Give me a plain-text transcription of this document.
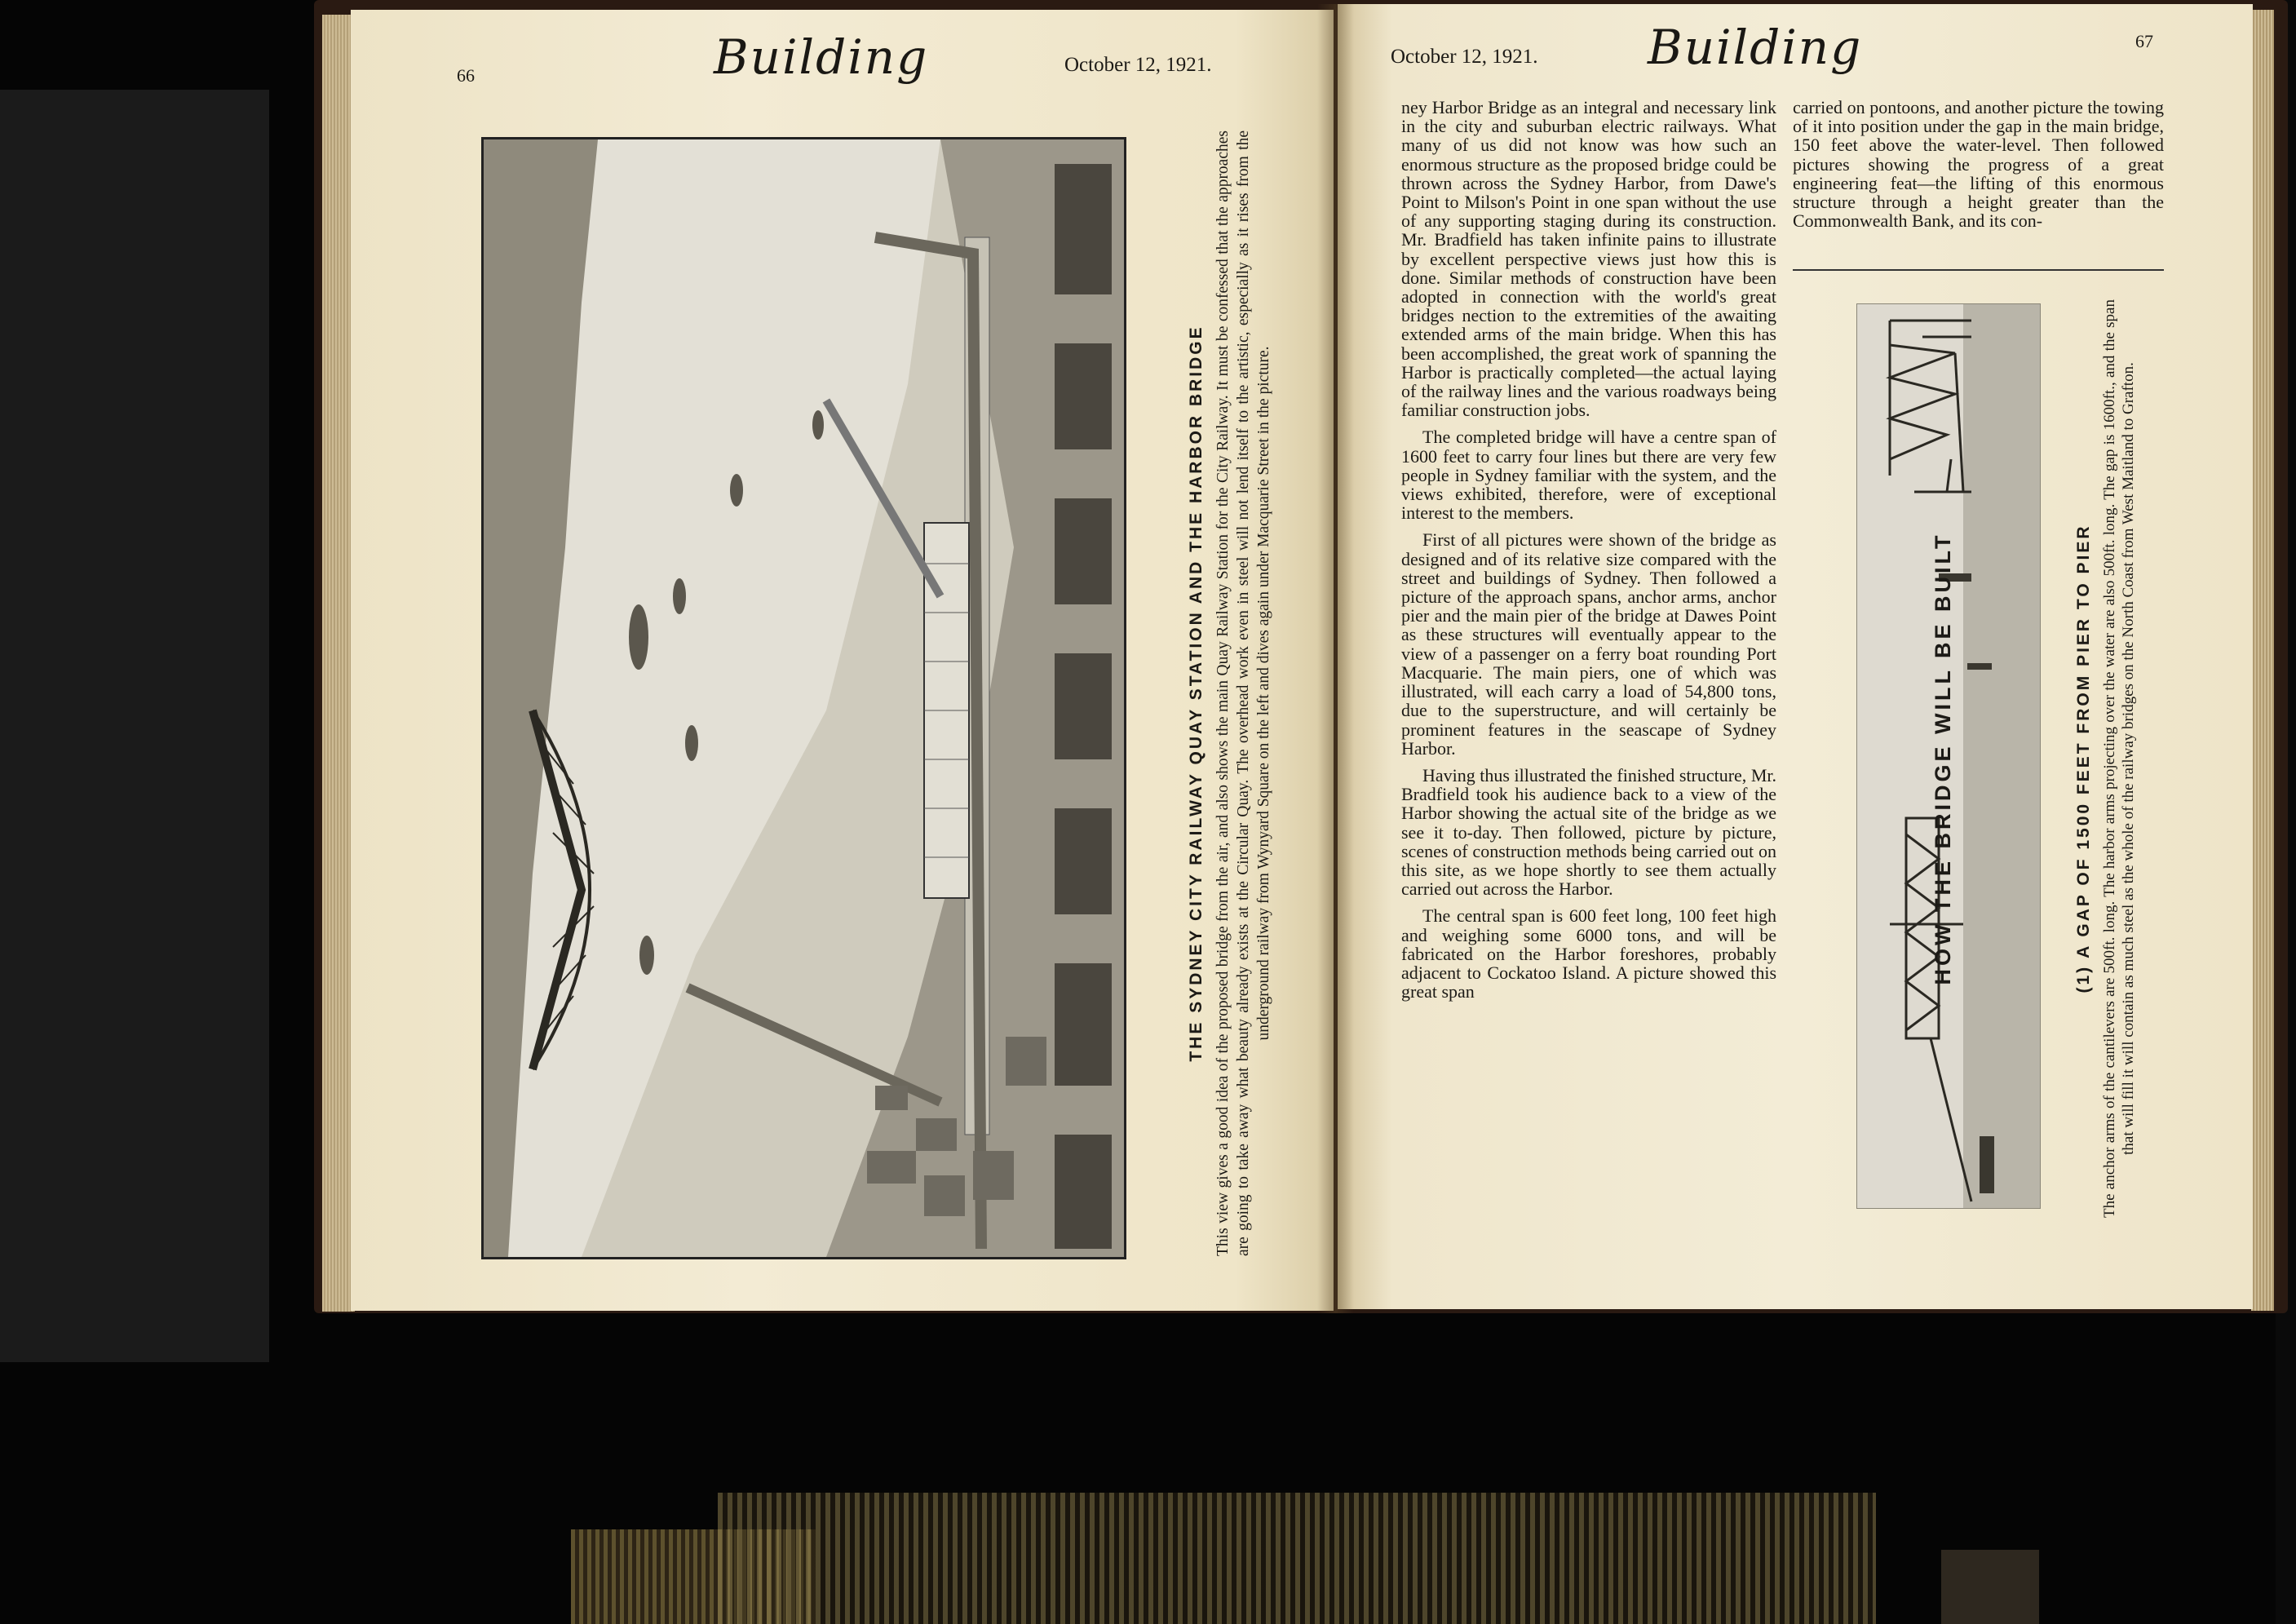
66	Building	October 12, 1921.
THE SYDNEY CITY RAILWAY QUAY STATION AND THE HARBOR BRIDGE This view gives a good idea of the proposed bridge from the air, and also shows the main Quay Railway Station for the City Railway. It must be confessed that the approaches are going to take away what beauty already exists at the Circular Quay. The overhead work even in steel will not lend itself to the artistic, especially as it rises from the underground railway from Wynyard Square on the left and dives again under Macquarie Street in the picture.
October 12, 1921. Building	67

ney Harbor Bridge as an integral and necessary link in the city and suburban electric railways. What many of us did not know was how such an enormous structure as the proposed bridge could be thrown across the Sydney Harbor, from Dawe's Point to Milson's Point in one span without the use of any supporting staging during its construction. Mr. Bradfield has taken infinite pains to illustrate by excellent perspective views just how this is done. Similar methods of construction have been adopted in connection with the world's great bridges nection to the extremities of the awaiting extended arms of the main bridge. When this has been accomplished, the great work of spanning the Harbor is practically completed—the actual laying of the railway lines and the various roadways being familiar construction jobs.

The completed bridge will have a centre span of 1600 feet to carry four lines but there are very few people in Sydney familiar with the system, and the views exhibited, therefore, were of exceptional interest to the members.

First of all pictures were shown of the bridge as designed and of its relative size compared with the street and buildings of Sydney. Then followed a picture of the approach spans, anchor arms, anchor pier and the main pier of the bridge at Dawes Point as these structures will eventually appear to the view of a passenger on a ferry boat rounding Port Macquarie. The main piers, one of which was illustrated, will each carry a load of 54,800 tons, due to the superstructure, and will certainly be prominent features in the seascape of Sydney Harbor.

Having thus illustrated the finished structure, Mr. Bradfield took his audience back to a view of the Harbor showing the actual site of the bridge as we see it to-day. Then followed, picture by picture, scenes of construction methods being carried out on this site, as we hope shortly to see them actually carried out across the Harbor.

The central span is 600 feet long, 100 feet high and weighing some 6000 tons, and will be fabricated on the Harbor foreshores, probably adjacent to Cockatoo Island. A picture showed this great span

carried on pontoons, and another picture the towing of it into position under the gap in the main bridge, 150 feet above the water-level. Then followed pictures showing the progress of a great engineering feat—the lifting of this enormous structure through a height greater than the Commonwealth Bank, and its con-

HOW THE BRIDGE WILL BE BUILT	(1) A GAP OF 1500 FEET FROM PIER TO PIER The anchor arms of the cantilevers are 500ft. long. The harbor arms projecting over the water are also 500ft. long. The gap is 1600ft., and the span that will fill it will contain as much steel as the whole of the railway bridges on the North Coast from West Maitland to Grafton.
